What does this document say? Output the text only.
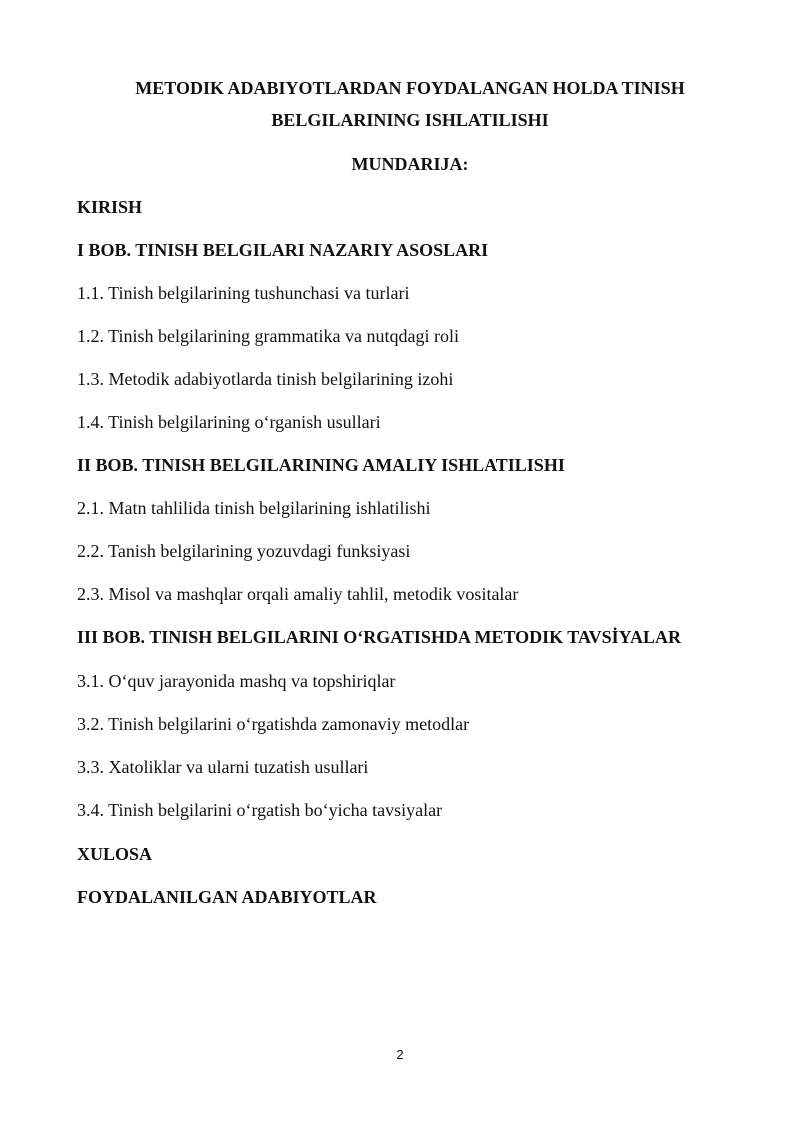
METODIK ADABIYOTLARDAN FOYDALANGAN HOLDA TINISH
BELGILARINING ISHLATILISHI
MUNDARIJA:
KIRISH
I BOB. TINISH BELGILARI NAZARIY ASOSLARI
1.1. Tinish belgilarining tushunchasi va turlari
1.2. Tinish belgilarining grammatika va nutqdagi roli
1.3. Metodik adabiyotlarda tinish belgilarining izohi
1.4. Tinish belgilarining o‘rganish usullari
II BOB. TINISH BELGILARINING AMALIY ISHLATILISHI
2.1. Matn tahlilida tinish belgilarining ishlatilishi
2.2. Tanish belgilarining yozuvdagi funksiyasi
2.3. Misol va mashqlar orqali amaliy tahlil, metodik vositalar
III BOB. TINISH BELGILARINI O‘RGATISHDA METODIK TAVSİYALAR
3.1. O‘quv jarayonida mashq va topshiriqlar
3.2. Tinish belgilarini o‘rgatishda zamonaviy metodlar
3.3. Xatoliklar va ularni tuzatish usullari
3.4. Tinish belgilarini o‘rgatish bo‘yicha tavsiyalar
XULOSA
FOYDALANILGAN ADABIYOTLAR
2
